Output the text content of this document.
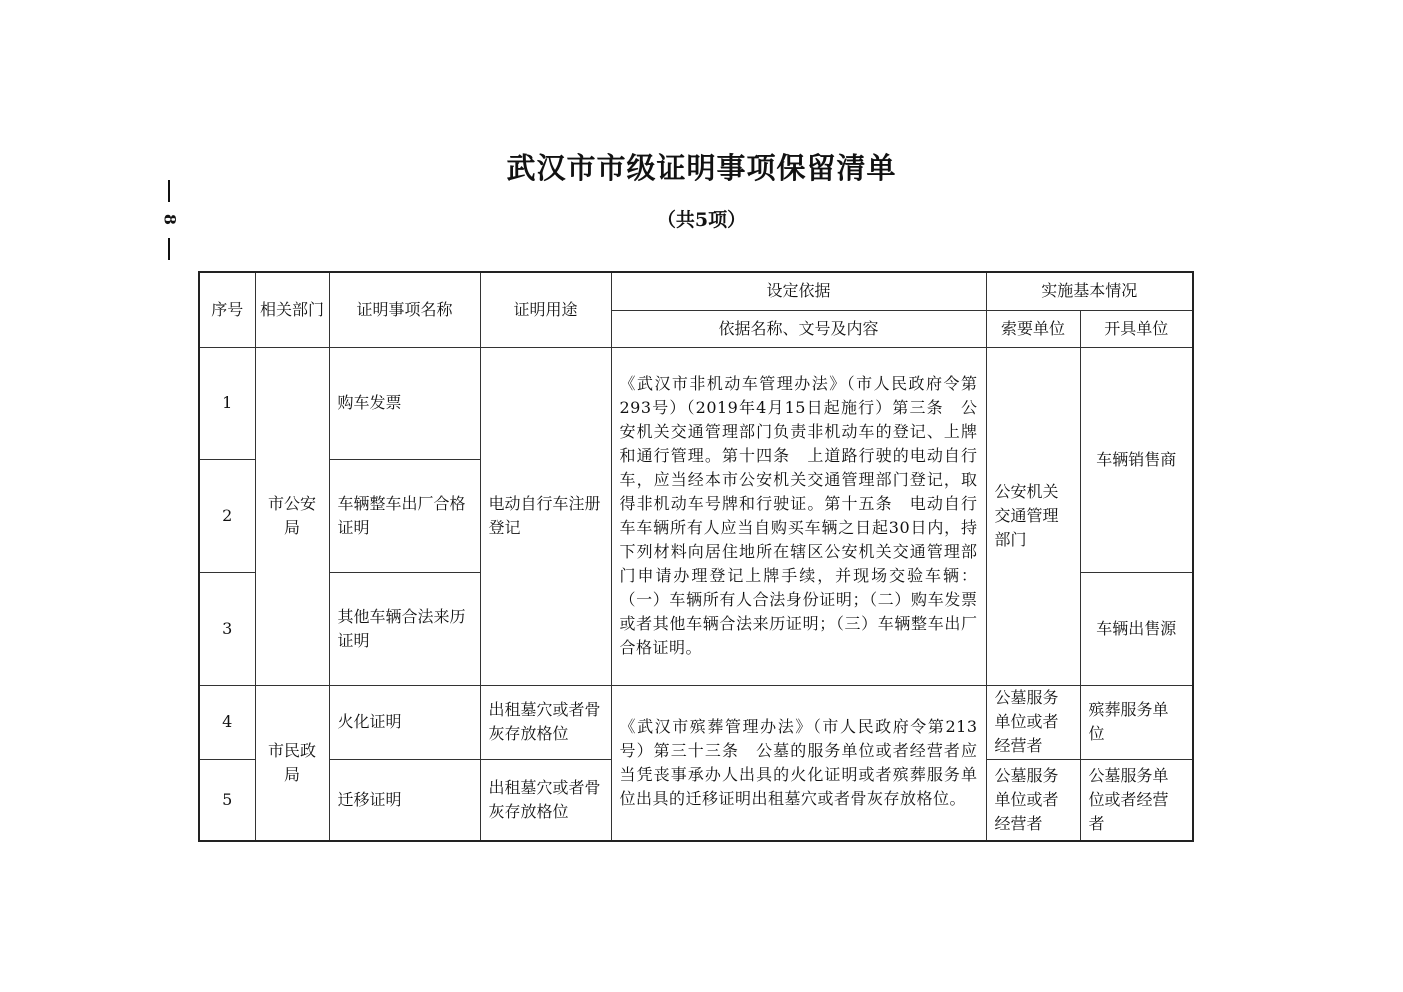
武汉市市级证明事项保留清单
（共5项）
8
序号	相关部门	证明事项名称	证明用途	设定依据	实施基本情况	
				依据名称、文号及内容	索要单位	开具单位
1	市公安局	购车发票	电动自行车注册登记	《武汉市非机动车管理办法》（市人民政府令第293号）（2019年4月15日起施行）第三条　公安机关交通管理部门负责非机动车的登记、上牌和通行管理。第十四条　上道路行驶的电动自行车，应当经本市公安机关交通管理部门登记，取得非机动车号牌和行驶证。第十五条　电动自行车车辆所有人应当自购买车辆之日起30日内，持下列材料向居住地所在辖区公安机关交通管理部门申请办理登记上牌手续，并现场交验车辆：（一）车辆所有人合法身份证明；（二）购车发票或者其他车辆合法来历证明；（三）车辆整车出厂合格证明。	公安机关交通管理部门	车辆销售商
2		车辆整车出厂合格证明				
3		其他车辆合法来历证明				车辆出售源
4	市民政局	火化证明	出租墓穴或者骨灰存放格位	《武汉市殡葬管理办法》（市人民政府令第213号）第三十三条　公墓的服务单位或者经营者应当凭丧事承办人出具的火化证明或者殡葬服务单位出具的迁移证明出租墓穴或者骨灰存放格位。	公墓服务单位或者经营者	殡葬服务单位
5		迁移证明	出租墓穴或者骨灰存放格位		公墓服务单位或者经营者	公墓服务单位或者经营者
